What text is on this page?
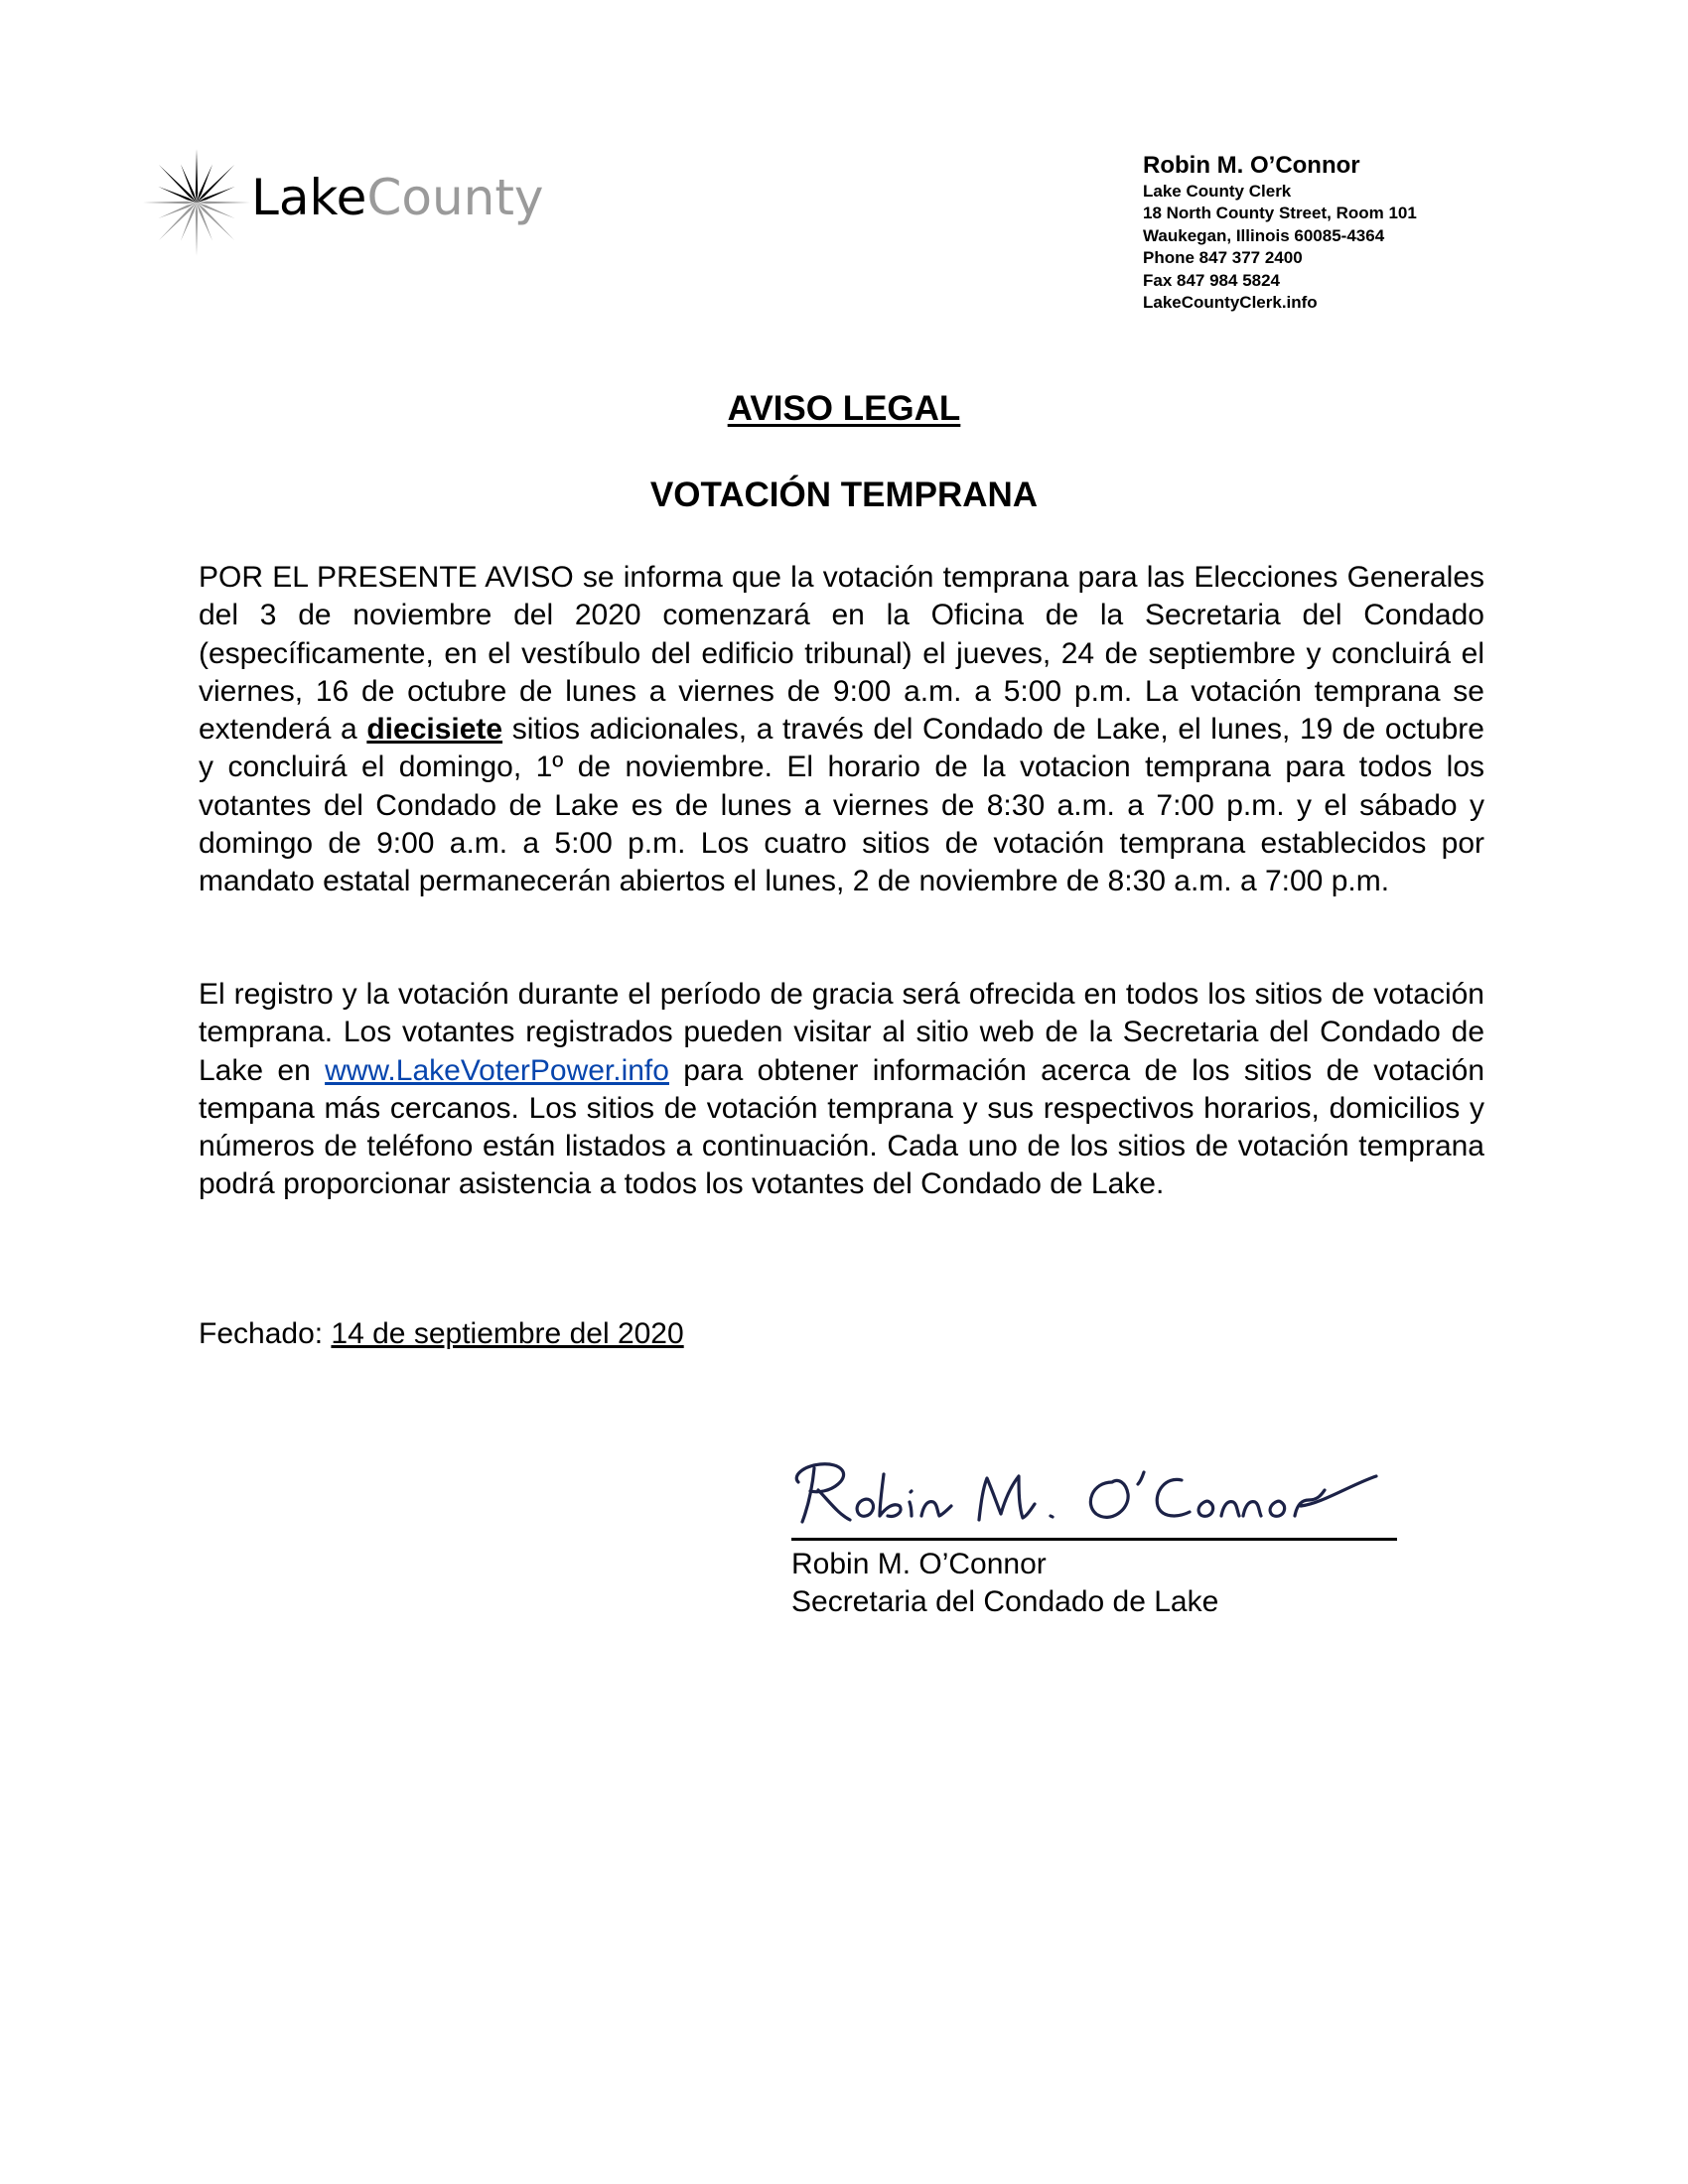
LakeCounty
Robin M. O’Connor
Lake County Clerk
18 North County Street, Room 101
Waukegan, Illinois 60085-4364
Phone 847 377 2400
Fax 847 984 5824
LakeCountyClerk.info
AVISO LEGAL
VOTACIÓN TEMPRANA
POR EL PRESENTE AVISO se informa que la votación temprana para las Elecciones Generales del 3 de noviembre del 2020 comenzará en la Oficina de la Secretaria del Condado (específicamente, en el vestíbulo del edificio tribunal) el jueves, 24 de septiembre y concluirá el viernes, 16 de octubre de lunes a viernes de 9:00 a.m. a 5:00 p.m. La votación temprana se extenderá a diecisiete sitios adicionales, a través del Condado de Lake, el lunes, 19 de octubre y concluirá el domingo, 1º de noviembre. El horario de la votacion temprana para todos los votantes del Condado de Lake es de lunes a viernes de 8:30 a.m. a 7:00 p.m. y el sábado y domingo de 9:00 a.m. a 5:00 p.m. Los cuatro sitios de votación temprana establecidos por mandato estatal permanecerán abiertos el lunes, 2 de noviembre de 8:30 a.m. a 7:00 p.m.
El registro y la votación durante el período de gracia será ofrecida en todos los sitios de votación temprana. Los votantes registrados pueden visitar al sitio web de la Secretaria del Condado de Lake en www.LakeVoterPower.info para obtener información acerca de los sitios de votación tempana más cercanos. Los sitios de votación temprana y sus respectivos horarios, domicilios y números de teléfono están listados a continuación. Cada uno de los sitios de votación temprana podrá proporcionar asistencia a todos los votantes del Condado de Lake.
Fechado: 14 de septiembre del 2020
Robin M. O’Connor
Secretaria del Condado de Lake
